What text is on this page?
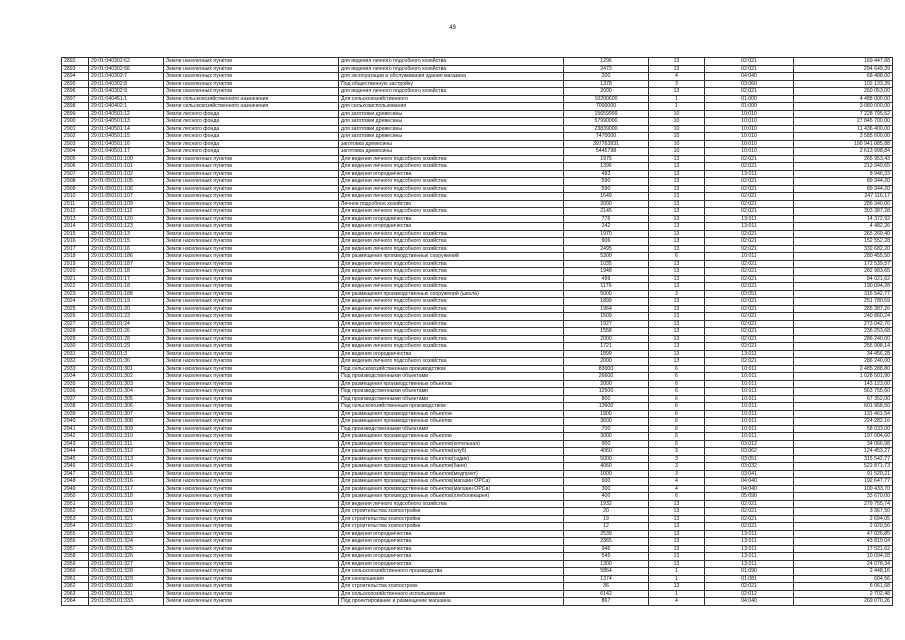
49
2892	29:01:040302:62	Земли населенных пунктов	для ведения личного подсобного хозяйства	1296	13	02:021	169 447,68
2893	29:01:040302:66	Земли населенных пунктов	для ведения личного подсобного хозяйства	2473	13	02:021	294 649,39
2894	29:01:040302:7	Земли населенных пунктов	для эксплуатации и обслуживания здания магазина	200	4	04:040	68 488,00
2895	29:01:040302:8	Земли населенных пунктов	Под общественную застройку	1378	3	03:060	102 133,39
2896	29:01:040302:9	Земли населенных пунктов	для ведения личного подсобного хозяйства	2000	13	02:021	260 053,00
2897	29:01:040451:1	Земли сельскохозяйственного назначения	Для сельскохозяйственного	10200600	1	01:000	4 488 000,00
2898	29:01:040402:1	Земли сельскохозяйственного назначения	для сельхозиспользования	7000000	1	01:000	3 080 000,00
2899	29:01:040501:12	Земли лесного фонда	для заготовки древесины	15659999	10	10:010	7 228 795,52
2900	29:01:040501:13	Земли лесного фонда	для заготовки древесины	57990000	10	10:010	27 845 700,00
2901	29:01:040501:14	Земли лесного фонда	для заготовки древесины	23839000	10	10:010	11 436 400,00
2902	29:01:040501:15	Земли лесного фонда	для заготовки древесины	7470000	10	10:010	3 585 600,00
2903	29:01:040501:16	Земли лесного фонда	заготовка древесины	397763931	10	10:010	190 941 085,88
2904	29:01:040501:17	Земли лесного фонда	заготовка древесины	5445798	10	10:010	2 613 998,84
2905	29:01:050101:100	Земли населенных пунктов	Для ведения личного подсобного хозяйства	1975	13	02:021	265 953,43
2906	29:01:050101:101	Земли населенных пунктов	Для ведения личного подсобного хозяйства	1396	13	02:021	212 340,65
2907	29:01:050101:102	Земли населенных пунктов	Для ведения огородничества	483	13	13:011	8 946,33
2908	29:01:050101:105	Земли населенных пунктов	Для ведения личного подсобного хозяйства	590	13	02:021	89 344,20
2909	29:01:050101:106	Земли населенных пунктов	Для ведения личного подсобного хозяйства	590	13	02:021	89 344,20
2910	29:01:050101:107	Земли населенных пунктов	Для ведения личного подсобного хозяйства	1649	13	02:021	247 116,17
2911	29:01:050101:109	Земли населенных пунктов	Личное подсобное хозяйство	2000	13	02:021	286 340,00
2912	29:01:050101:112	Земли населенных пунктов	Для ведения личного подсобного хозяйства	2145	13	02:021	303 387,28
2913	29:01:050101:120	Земли населенных пунктов	Для ведения огородничества	776	13	13:011	14 372,92
2914	29:01:050101:123	Земли населенных пунктов	Для ведения огородничества	242	13	13:011	4 482,26
2915	29:01:050101:13	Земли населенных пунктов	Для ведения личного подсобного хозяйства	1970	13	02:021	265 269,40
2916	29:01:050101:15	Земли населенных пунктов	Для ведения личного подсобного хозяйства	906	13	02:021	152 552,28
2917	29:01:050101:16	Земли населенных пунктов	Для ведения личного подсобного хозяйства	2495	13	02:021	332 682,20
2918	29:01:050101:186	Земли населенных пунктов	Для размещения производственных сооружений	5300	6	10:011	280 455,50
2919	29:01:050101:187	Земли населенных пунктов	Для ведения личного подсобного хозяйства	1035	13	02:021	172 539,57
2920	29:01:050101:18	Земли населенных пунктов	Для ведения личного подсобного хозяйства	1948	13	02:021	282 983,65
2921	29:01:050101:17	Земли населенных пунктов	Для ведения личного подсобного хозяйства	499	13	02:021	84 021,62
2922	29:01:050101:18	Земли населенных пунктов	Для ведения личного подсобного хозяйства	1176	13	02:021	190 094,28
2923	29:01:050101:188	Земли населенных пунктов	Для размещения производственных сооружений (школа)	5000	3	03:051	315 542,77
2924	29:01:050101:19	Земли населенных пунктов	Для ведения личного подсобного хозяйства	1899	13	02:021	251 780,59
2925	29:01:050101:20	Земли населенных пунктов	Для ведения личного подсобного хозяйства	1964	13	02:021	285 387,26
2926	29:01:050101:23	Земли населенных пунктов	Для ведения личного подсобного хозяйства	1509	13	02:021	240 860,24
2927	29:01:050101:24	Земли населенных пунктов	Для ведения личного подсобного хозяйства	1927	13	02:021	273 042,70
2928	29:01:050101:26	Земли населенных пунктов	Для ведения личного подсобного хозяйства	1558	13	02:021	236 253,68
2929	29:01:050101:28	Земли населенных пунктов	Для ведения личного подсобного хозяйства	2000	13	02:021	286 240,00
2930	29:01:050101:29	Земли населенных пунктов	Для ведения личного подсобного хозяйства	1721	13	02:021	255 908,14
2931	29:01:050101:3	Земли населенных пунктов	Для ведения огородничества	1899	13	13:011	34 456,28
2932	29:01:050101:30	Земли населенных пунктов	Для ведения личного подсобного хозяйства	2000	13	02:021	286 240,00
2933	29:01:050101:301	Земли населенных пунктов	Под сельскохозяйственным производством	83000	6	10:011	2 485 288,80
2934	29:01:050101:302	Земли населенных пунктов	Под производственными объектами	26600	6	10:011	1 028 501,90
2935	29:01:050101:303	Земли населенных пунктов	Для размещения производственных объектов	2000	6	10:011	143 123,00
2936	29:01:050101:304	Земли населенных пунктов	Под производственными объектами	12500	6	10:011	563 755,60
2937	29:01:050101:305	Земли населенных пунктов	Под производственными объектами	800	6	10:011	67 352,00
2938	29:01:050101:306	Земли населенных пунктов	Под сельскохозяйственным производством	13600	6	10:011	601 958,50
2939	29:01:050101:307	Земли населенных пунктов	Для размещения производственных объектов	1800	6	10:011	131 461,54
2940	29:01:050101:308	Земли населенных пунктов	Для размещения производственных объектов	3600	6	10:011	224 282,16
2941	29:01:050101:309	Земли населенных пунктов	Под производственными объектами	700	6	10:011	58 033,00
2942	29:01:050101:310	Земли населенных пунктов	Для размещения производственных объектов	3000	6	10:011	197 004,60
2943	29:01:050101:311	Земли населенных пунктов	Для размещения производственных объектов(котельная)	900	6	03:012	34 066,98
2944	29:01:050101:312	Земли населенных пунктов	Для размещения производственных объектов(клуб)	4060	3	03:062	124 453,27
2945	29:01:050101:313	Земли населенных пунктов	Для размещения производственных объектов(садик)	5000	3	03:051	315 542,77
2946	29:01:050101:314	Земли населенных пунктов	Для размещения производственных объектов(баня)	4060	3	03:032	522 871,73
2947	29:01:050101:315	Земли населенных пунктов	Для размещения производственных объектов(медпункт)	1000	3	03:041	91 520,21
2948	29:01:050101:316	Земли населенных пунктов	Для размещения производственных объектов(магазин ОРСа)	600	4	04:040	192 647,77
2949	29:01:050101:317	Земли населенных пунктов	Для размещения производственных объектов(магазин ОРСа)	300	4	04:040	100 433,70
2950	29:01:050101:318	Земли населенных пунктов	Для размещения производственных объектов(хлебопекарня)	400	6	05:090	33 670,00
2951	29:01:050101:319	Земли населенных пунктов	Для ведения личного подсобного хозяйства	1932	13	02:021	279 755,74
2952	29:01:050101:320	Земли населенных пунктов	Для строительства хозпостройки	20	13	02:021	3 367,50
2953	29:01:050101:321	Земли населенных пунктов	Для строительства хозпостройки	19	13	02:021	2 694,05
2954	29:01:050101:322	Земли населенных пунктов	Для строительства хозпостройки	12	13	02:021	2 020,56
2955	29:01:050101:323	Земли населенных пунктов	Для ведения огородничества	2539	13	13:011	47 026,85
2956	29:01:050101:324	Земли населенных пунктов	Для ведения огородничества	2365	13	13:011	43 819,04
2957	29:01:050101:325	Земли населенных пунктов	Для ведения огородничества	946	13	13:011	17 521,62
2958	29:01:050101:326	Земли населенных пунктов	Для ведения огородничества	545	13	13:011	10 094,28
2959	29:01:050101:327	Земли населенных пунктов	Для ведения огородничества	1300	13	13:011	24 078,34
2960	29:01:050101:328	Земли населенных пунктов	Для сельскохозяйственного производства	5864	1	01:090	2 448,16
2961	29:01:050101:329	Земли населенных пунктов	Для сенокошения	1374	1	01:081	604,56
2962	29:01:050101:330	Земли населенных пунктов	Для строительства хозпостроек	36	13	02:021	6 061,68
2963	29:01:050101:331	Земли населенных пунктов	Для сельскохозяйственного использования	6142	1	02:012	2 702,48
2964	29:01:050101:333	Земли населенных пунктов	Под проектирование и размещение магазина	867	4	04:040	269 070,26
